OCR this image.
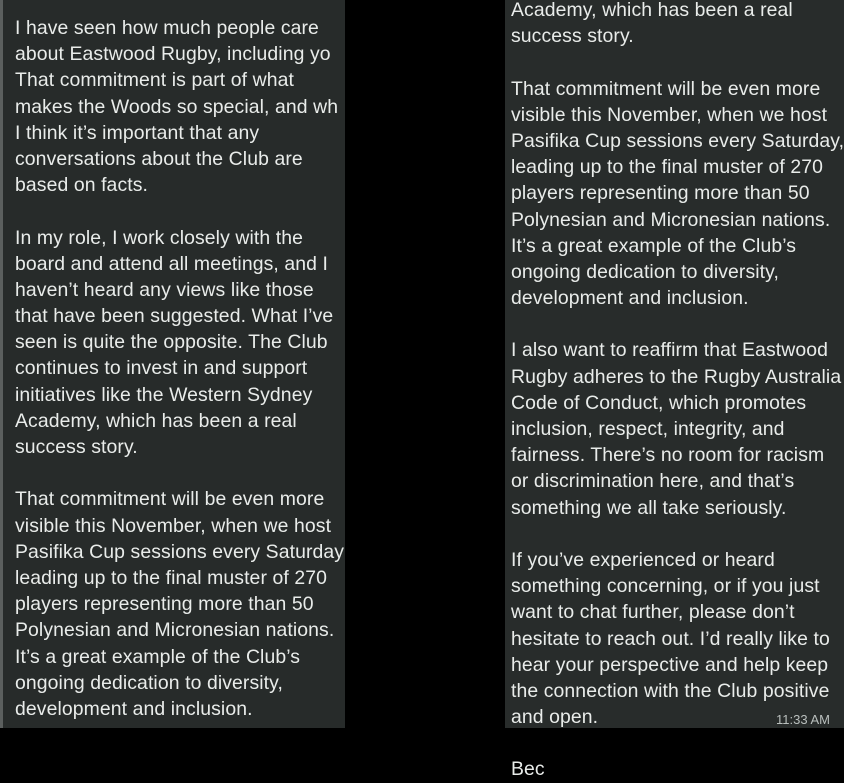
I have seen how much people care
about Eastwood Rugby, including yo
That commitment is part of what
makes the Woods so special, and wh
I think it’s important that any
conversations about the Club are
based on facts.
In my role, I work closely with the
board and attend all meetings, and I
haven’t heard any views like those
that have been suggested. What I’ve
seen is quite the opposite. The Club
continues to invest in and support
initiatives like the Western Sydney
Academy, which has been a real
success story.
That commitment will be even more
visible this November, when we host
Pasifika Cup sessions every Saturday
leading up to the final muster of 270
players representing more than 50
Polynesian and Micronesian nations.
It’s a great example of the Club’s
ongoing dedication to diversity,
development and inclusion.
Academy, which has been a real
success story.
That commitment will be even more
visible this November, when we host
Pasifika Cup sessions every Saturday,
leading up to the final muster of 270
players representing more than 50
Polynesian and Micronesian nations.
It’s a great example of the Club’s
ongoing dedication to diversity,
development and inclusion.
I also want to reaffirm that Eastwood
Rugby adheres to the Rugby Australia
Code of Conduct, which promotes
inclusion, respect, integrity, and
fairness. There’s no room for racism
or discrimination here, and that’s
something we all take seriously.
If you’ve experienced or heard
something concerning, or if you just
want to chat further, please don’t
hesitate to reach out. I’d really like to
hear your perspective and help keep
the connection with the Club positive
and open.
Bec
11:33 AM
